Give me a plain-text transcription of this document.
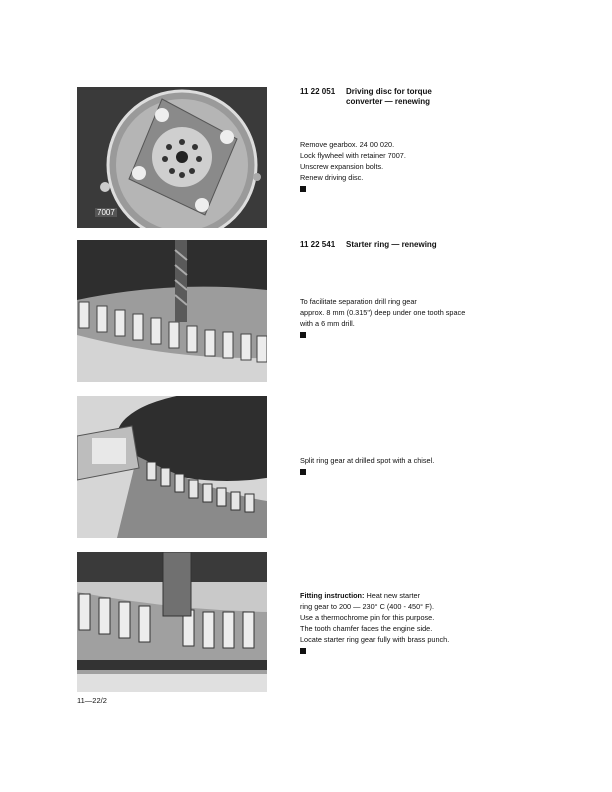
7007
11 22 051 Driving disc for torque
converter — renewing

Remove gearbox. 24 00 020.

Lock flywheel with retainer 7007.

Unscrew expansion bolts.

Renew driving disc.

11 22 541 Starter ring — renewing

To facilitate separation drill ring gear

approx. 8 mm (0.315") deep under one tooth space

with a 6 mm drill.

Split ring gear at drilled spot with a chisel.

Fitting instruction: Heat new starter

ring gear to 200 — 230° C (400 - 450° F).

Use a thermochrome pin for this purpose.

The tooth chamfer faces the engine side.

Locate starter ring gear fully with brass punch.

11—22/2
